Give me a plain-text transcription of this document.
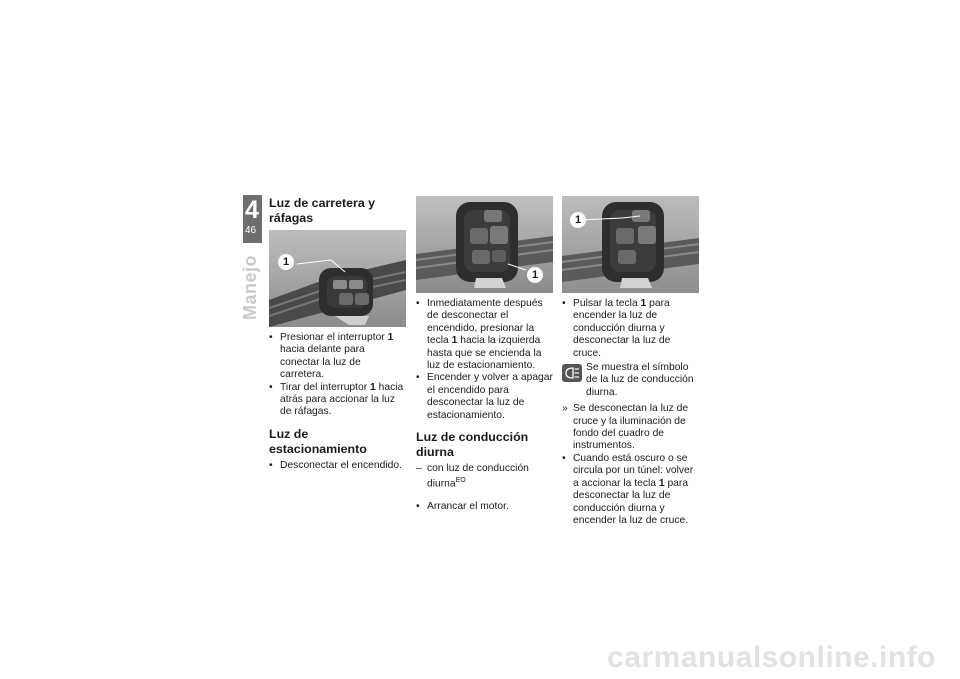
4
46
Manejo
Luz de carretera y ráfagas
1

• Presionar el interruptor 1 hacia delante para conectar la luz de carretera.

• Tirar del interruptor 1 hacia atrás para accionar la luz de ráfagas.

Luz de estacionamiento

• Desconectar el encendido.

1

• Inmediatamente después de desconectar el encendido, presionar la tecla 1 hacia la izquierda hasta que se encienda la luz de estacionamiento.

• Encender y volver a apagar el encendido para desconectar la luz de estacionamiento.

Luz de conducción diurna

– con luz de conducción diurna$^{EO}$

• Arrancar el motor.

1

• Pulsar la tecla 1 para encender la luz de conducción diurna y desconectar la luz de cruce.

Se muestra el símbolo de la luz de conducción diurna.

» Se desconectan la luz de cruce y la iluminación de fondo del cuadro de instrumentos.

• Cuando está oscuro o se circula por un túnel: volver a accionar la tecla 1 para desconectar la luz de conducción diurna y encender la luz de cruce.

carmanualsonline.info
